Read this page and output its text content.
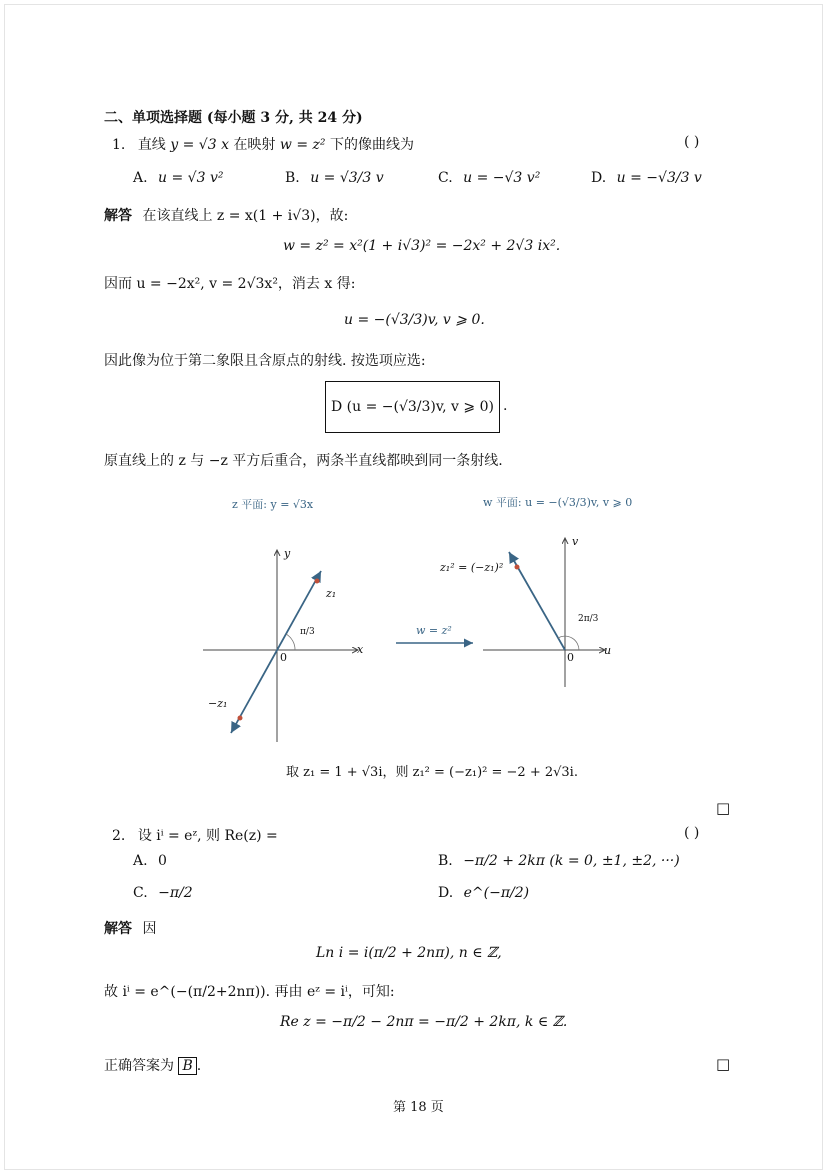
二、单项选择题 (每小题 3 分, 共 24 分)
1. 直线 y = √3 x 在映射 w = z² 下的像曲线为	( )
A. u = √3 v²	B. u = √3/3 v	C. u = −√3 v²	D. u = −√3/3 v
解答 在该直线上 z = x(1 + i√3)，故:
w = z² = x²(1 + i√3)² = −2x² + 2√3 ix².
因而 u = −2x², v = 2√3x²，消去 x 得:
u = −(√3/3)v, v ⩾ 0.
因此像为位于第二象限且含原点的射线. 按选项应选:
D (u = −(√3/3)v, v ⩾ 0) .
原直线上的 z 与 −z 平方后重合，两条半直线都映到同一条射线.
z 平面: y = √3x	w 平面: u = −(√3/3)v, v ⩾ 0
y
x
0
z₁
−z₁
π/3	w = z²
v
u
0
z₁² = (−z₁)²
2π/3
取 z₁ = 1 + √3i，则 z₁² = (−z₁)² = −2 + 2√3i.
□
2. 设 iⁱ = eᶻ, 则 Re(z) =	( )
A. 0	B. −π/2 + 2kπ (k = 0, ±1, ±2, ···)
C. −π/2	D. e^(−π/2)
解答 因
Ln i = i(π/2 + 2nπ), n ∈ ℤ,
故 iⁱ = e^(−(π/2+2nπ)). 再由 eᶻ = iⁱ，可知:
Re z = −π/2 − 2nπ = −π/2 + 2kπ, k ∈ ℤ.
正确答案为 B .	□
第 18 页
